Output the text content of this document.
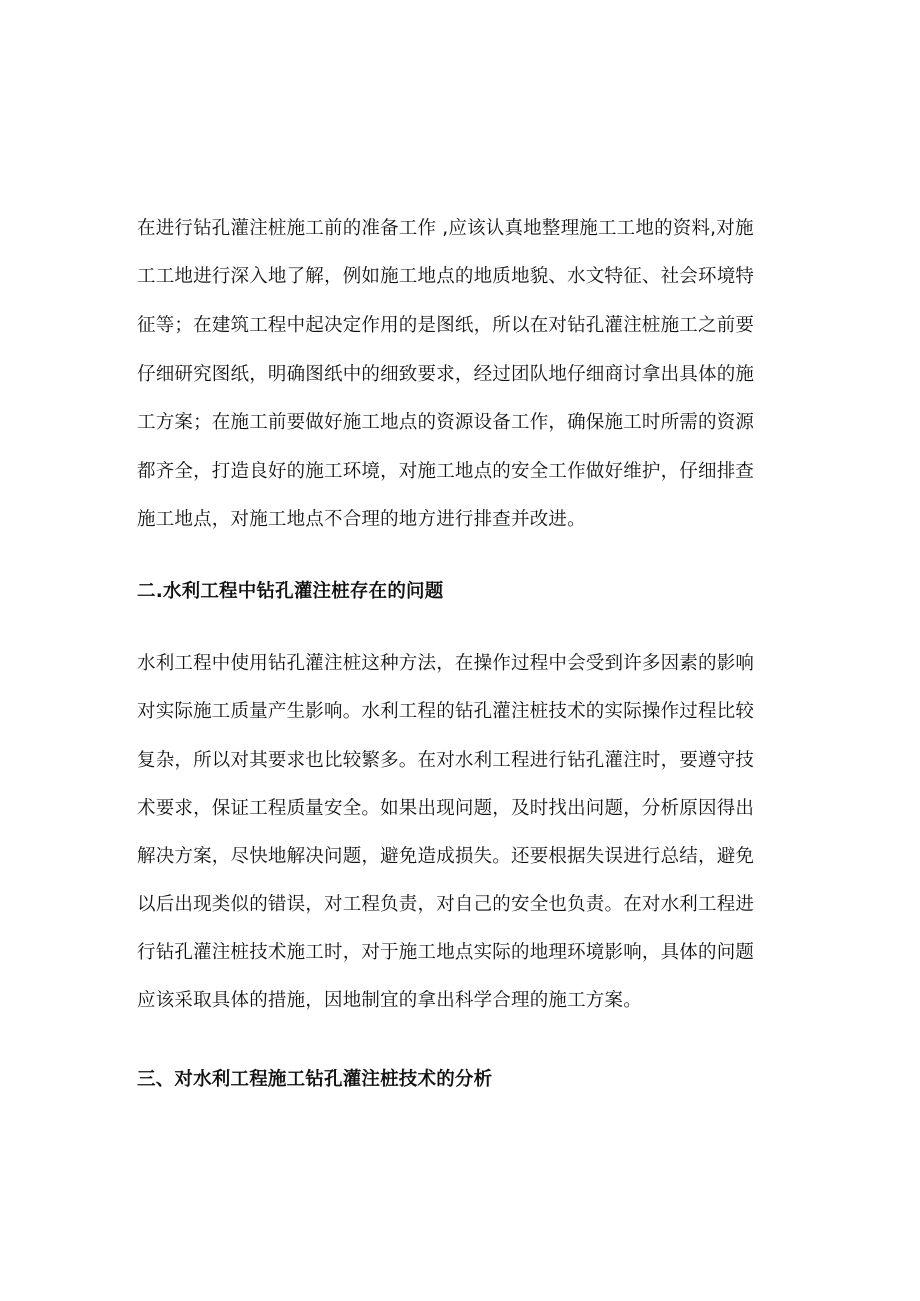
在进行钻孔灌注桩施工前的准备工作 ,应该认真地整理施工工地的资料,对施
工工地进行深入地了解，例如施工地点的地质地貌、水文特征、社会环境特
征等；在建筑工程中起决定作用的是图纸，所以在对钻孔灌注桩施工之前要
仔细研究图纸，明确图纸中的细致要求，经过团队地仔细商讨拿出具体的施
工方案；在施工前要做好施工地点的资源设备工作，确保施工时所需的资源
都齐全，打造良好的施工环境，对施工地点的安全工作做好维护，仔细排查
施工地点，对施工地点不合理的地方进行排查并改进。
二.水利工程中钻孔灌注桩存在的问题
水利工程中使用钻孔灌注桩这种方法，在操作过程中会受到许多因素的影响
对实际施工质量产生影响。水利工程的钻孔灌注桩技术的实际操作过程比较
复杂，所以对其要求也比较繁多。在对水利工程进行钻孔灌注时，要遵守技
术要求，保证工程质量安全。如果出现问题，及时找出问题，分析原因得出
解决方案，尽快地解决问题，避免造成损失。还要根据失误进行总结，避免
以后出现类似的错误，对工程负责，对自己的安全也负责。在对水利工程进
行钻孔灌注桩技术施工时，对于施工地点实际的地理环境影响，具体的问题
应该采取具体的措施，因地制宜的拿出科学合理的施工方案。
三、对水利工程施工钻孔灌注桩技术的分析
